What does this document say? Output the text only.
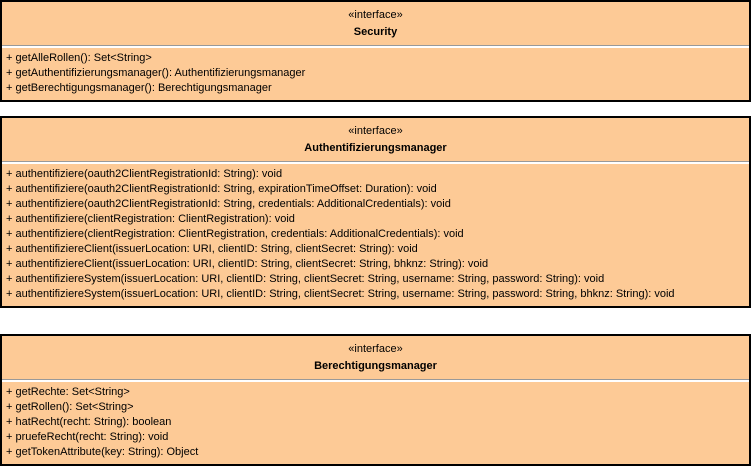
«interface»
Security
+ getAlleRollen(): Set<String>
+ getAuthentifizierungsmanager(): Authentifizierungsmanager
+ getBerechtigungsmanager(): Berechtigungsmanager
«interface»
Authentifizierungsmanager
+ authentifiziere(oauth2ClientRegistrationId: String): void
+ authentifiziere(oauth2ClientRegistrationId: String, expirationTimeOffset: Duration): void
+ authentifiziere(oauth2ClientRegistrationId: String, credentials: AdditionalCredentials): void
+ authentifiziere(clientRegistration: ClientRegistration): void
+ authentifiziere(clientRegistration: ClientRegistration, credentials: AdditionalCredentials): void
+ authentifiziereClient(issuerLocation: URI, clientID: String, clientSecret: String): void
+ authentifiziereClient(issuerLocation: URI, clientID: String, clientSecret: String, bhknz: String): void
+ authentifiziereSystem(issuerLocation: URI, clientID: String, clientSecret: String, username: String, password: String): void
+ authentifiziereSystem(issuerLocation: URI, clientID: String, clientSecret: String, username: String, password: String, bhknz: String): void
«interface»
Berechtigungsmanager
+ getRechte: Set<String>
+ getRollen(): Set<String>
+ hatRecht(recht: String): boolean
+ pruefeRecht(recht: String): void
+ getTokenAttribute(key: String): Object
